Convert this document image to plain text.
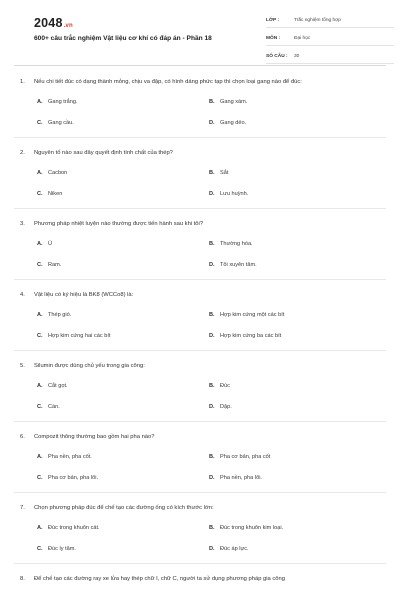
2048.vn
600+ câu trắc nghiệm Vật liệu cơ khí có đáp án - Phần 18
LỚP :	Trắc nghiệm tổng hợp
MÔN :	Đại học
SỐ CÂU :	30
1.	Nếu chi tiết đúc có dạng thành mỏng, chịu va đập, có hình dáng phức tạp thì chọn loại gang nào để đúc:
A. Gang trắng.	B. Gang xám.
C. Gang cầu.	D. Gang dẻo.
2.	Nguyên tố nào sau đây quyết định tính chất của thép?
A. Cacbon	B. Sắt
C. Niken	D. Lưu huỳnh.
3.	Phương pháp nhiệt luyện nào thường được tiến hành sau khi tôi?
A. Ủ	B. Thường hóa.
C. Ram.	D. Tôi xuyên tâm.
4.	Vật liệu có ký hiệu là BK8 (WCCo8) là:
A. Thép gió.	B. Hợp kim cứng một các bít
C. Hợp kim cứng hai các bít	D. Hợp kim cứng ba các bít
5.	Silumin được dùng chủ yếu trong gia công:
A. Cắt gọt.	B. Đúc
C. Cán.	D. Dập.
6.	Compozit thông thường bao gồm hai pha nào?
A. Pha nền, pha cốt.	B. Pha cơ bản, pha cốt
C. Pha cơ bản, pha lõi.	D. Pha nền, pha lõi.
7.	Chọn phương pháp đúc để chế tạo các đường ống có kích thước lớn:
A. Đúc trong khuôn cát.	B. Đúc trong khuôn kim loại.
C. Đúc ly tâm.	D. Đúc áp lực.
8.	Để chế tạo các đường ray xe lửa hay thép chữ I, chữ C, người ta sử dụng phương pháp gia công
